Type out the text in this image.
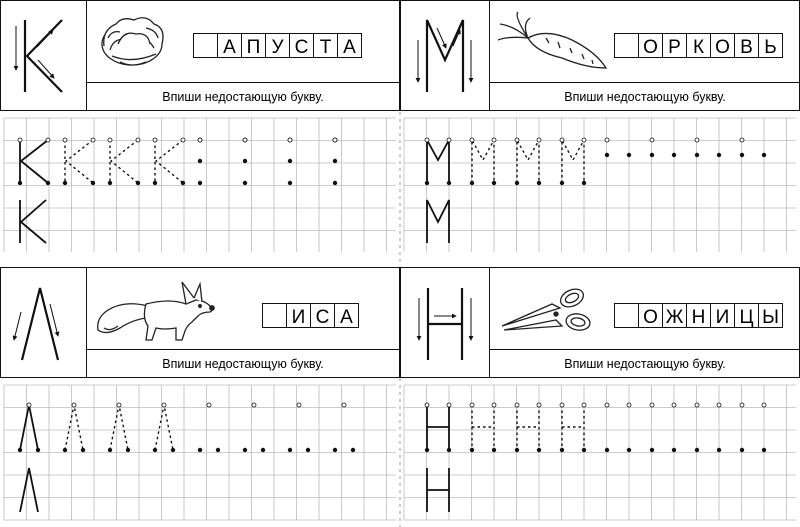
А П У С Т А
Впиши недостающую букву.
О Р К О В Ь
Впиши недостающую букву.
И С А
Впиши недостающую букву.
О Ж Н И Ц Ы
Впиши недостающую букву.
